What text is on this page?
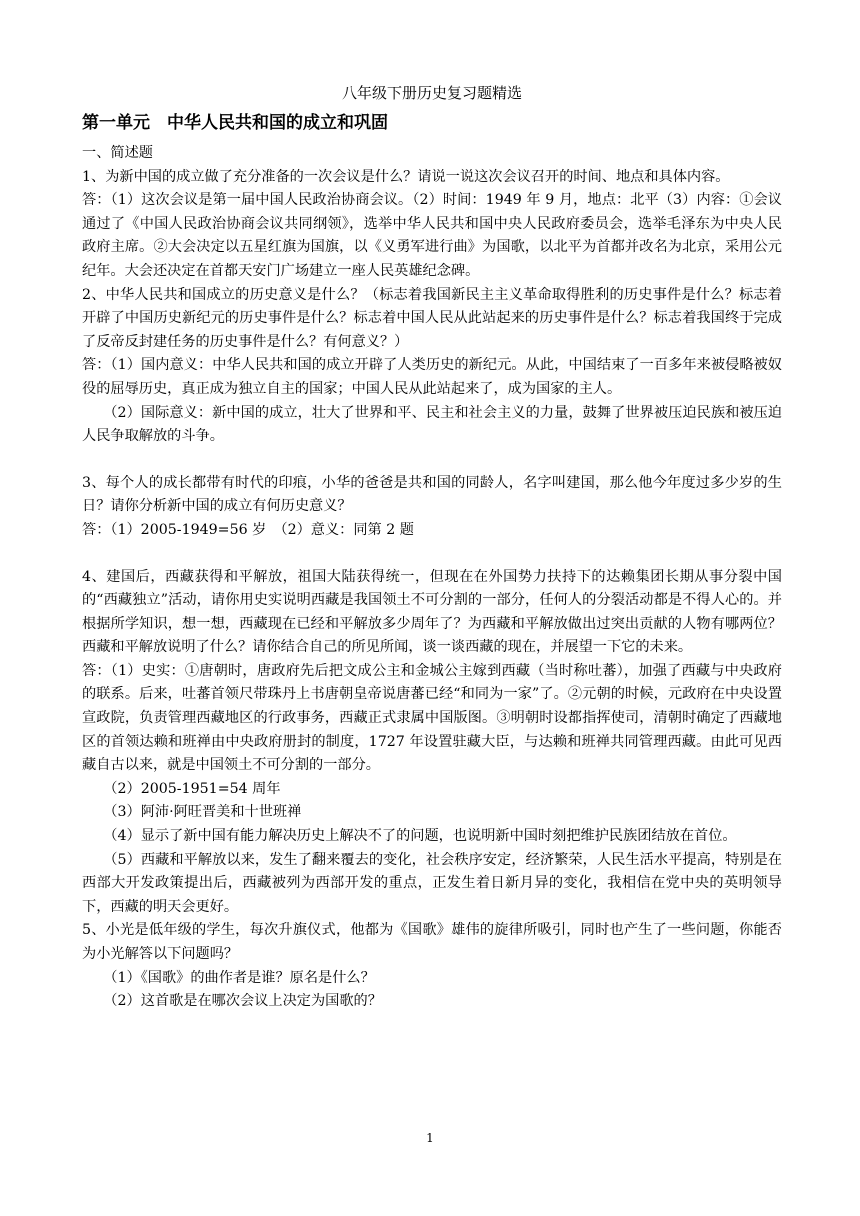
八年级下册历史复习题精选
第一单元　中华人民共和国的成立和巩固

一、简述题

1、为新中国的成立做了充分准备的一次会议是什么？请说一说这次会议召开的时间、地点和具体内容。

答：（1）这次会议是第一届中国人民政治协商会议。（2）时间：1949 年 9 月，地点：北平（3）内容：①会议通过了《中国人民政治协商会议共同纲领》，选举中华人民共和国中央人民政府委员会，选举毛泽东为中央人民政府主席。②大会决定以五星红旗为国旗，以《义勇军进行曲》为国歌，以北平为首都并改名为北京，采用公元纪年。大会还决定在首都天安门广场建立一座人民英雄纪念碑。

2、中华人民共和国成立的历史意义是什么？（标志着我国新民主主义革命取得胜利的历史事件是什么？标志着开辟了中国历史新纪元的历史事件是什么？标志着中国人民从此站起来的历史事件是什么？标志着我国终于完成了反帝反封建任务的历史事件是什么？有何意义？）

答：（1）国内意义：中华人民共和国的成立开辟了人类历史的新纪元。从此，中国结束了一百多年来被侵略被奴役的屈辱历史，真正成为独立自主的国家；中国人民从此站起来了，成为国家的主人。

（2）国际意义：新中国的成立，壮大了世界和平、民主和社会主义的力量，鼓舞了世界被压迫民族和被压迫人民争取解放的斗争。

3、每个人的成长都带有时代的印痕，小华的爸爸是共和国的同龄人，名字叫建国，那么他今年度过多少岁的生日？请你分析新中国的成立有何历史意义？

答：（1）2005-1949=56 岁　（2）意义：同第 2 题

4、建国后，西藏获得和平解放，祖国大陆获得统一，但现在在外国势力扶持下的达赖集团长期从事分裂中国的“西藏独立”活动，请你用史实说明西藏是我国领土不可分割的一部分，任何人的分裂活动都是不得人心的。并根据所学知识，想一想，西藏现在已经和平解放多少周年了？为西藏和平解放做出过突出贡献的人物有哪两位？西藏和平解放说明了什么？请你结合自己的所见所闻，谈一谈西藏的现在，并展望一下它的未来。

答：（1）史实：①唐朝时，唐政府先后把文成公主和金城公主嫁到西藏（当时称吐蕃），加强了西藏与中央政府的联系。后来，吐蕃首领尺带珠丹上书唐朝皇帝说唐蕃已经“和同为一家”了。②元朝的时候，元政府在中央设置宣政院，负责管理西藏地区的行政事务，西藏正式隶属中国版图。③明朝时设都指挥使司，清朝时确定了西藏地区的首领达赖和班禅由中央政府册封的制度，1727 年设置驻藏大臣，与达赖和班禅共同管理西藏。由此可见西藏自古以来，就是中国领土不可分割的一部分。

（2）2005-1951=54 周年

（3）阿沛·阿旺晋美和十世班禅

（4）显示了新中国有能力解决历史上解决不了的问题，也说明新中国时刻把维护民族团结放在首位。

（5）西藏和平解放以来，发生了翻来覆去的变化，社会秩序安定，经济繁荣，人民生活水平提高，特别是在西部大开发政策提出后，西藏被列为西部开发的重点，正发生着日新月异的变化，我相信在党中央的英明领导下，西藏的明天会更好。

5、小光是低年级的学生，每次升旗仪式，他都为《国歌》雄伟的旋律所吸引，同时也产生了一些问题，你能否为小光解答以下问题吗？

（1）《国歌》的曲作者是谁？原名是什么？

（2）这首歌是在哪次会议上决定为国歌的？

1
